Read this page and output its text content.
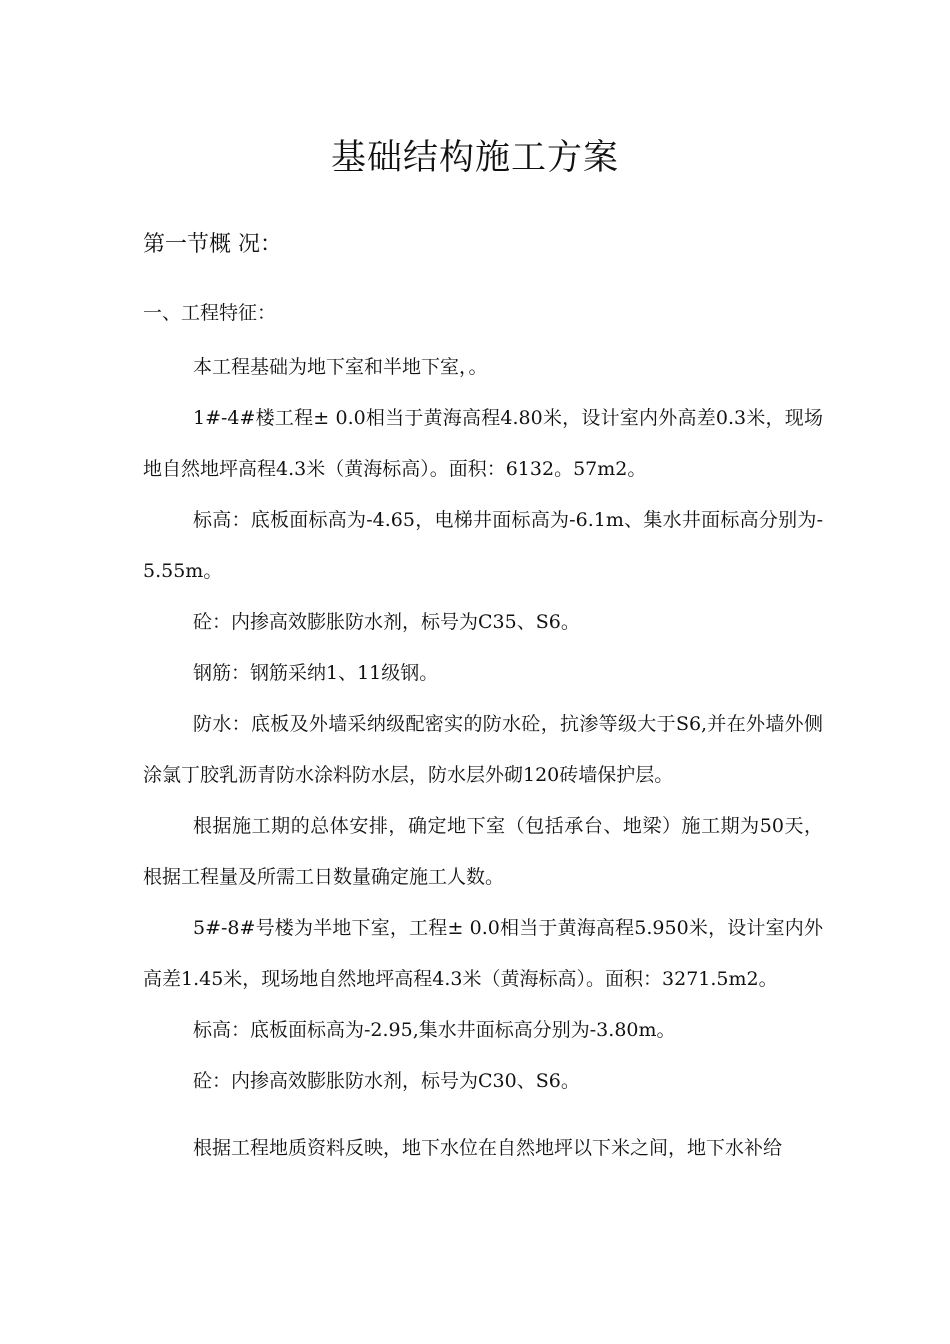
基础结构施工方案
第一节概 况：
一、工程特征：

本工程基础为地下室和半地下室，。

1#-4#楼工程± 0.0相当于黄海高程4.80米，设计室内外高差0.3米，现场地自然地坪高程4.3米（黄海标高）。面积：6132。57m2。

标高：底板面标高为-4.65，电梯井面标高为-6.1m、集水井面标高分别为-5.55m。

砼：内掺高效膨胀防水剂，标号为C35、S6。

钢筋：钢筋采纳1、11级钢。

防水：底板及外墙采纳级配密实的防水砼，抗渗等级大于S6,并在外墙外侧涂氯丁胶乳沥青防水涂料防水层，防水层外砌120砖墙保护层。

根据施工期的总体安排，确定地下室（包括承台、地梁）施工期为50天，根据工程量及所需工日数量确定施工人数。

5#-8#号楼为半地下室，工程± 0.0相当于黄海高程5.950米，设计室内外高差1.45米，现场地自然地坪高程4.3米（黄海标高）。面积：3271.5m2。

标高：底板面标高为-2.95,集水井面标高分别为-3.80m。

砼：内掺高效膨胀防水剂，标号为C30、S6。

根据工程地质资料反映，地下水位在自然地坪以下米之间，地下水补给
